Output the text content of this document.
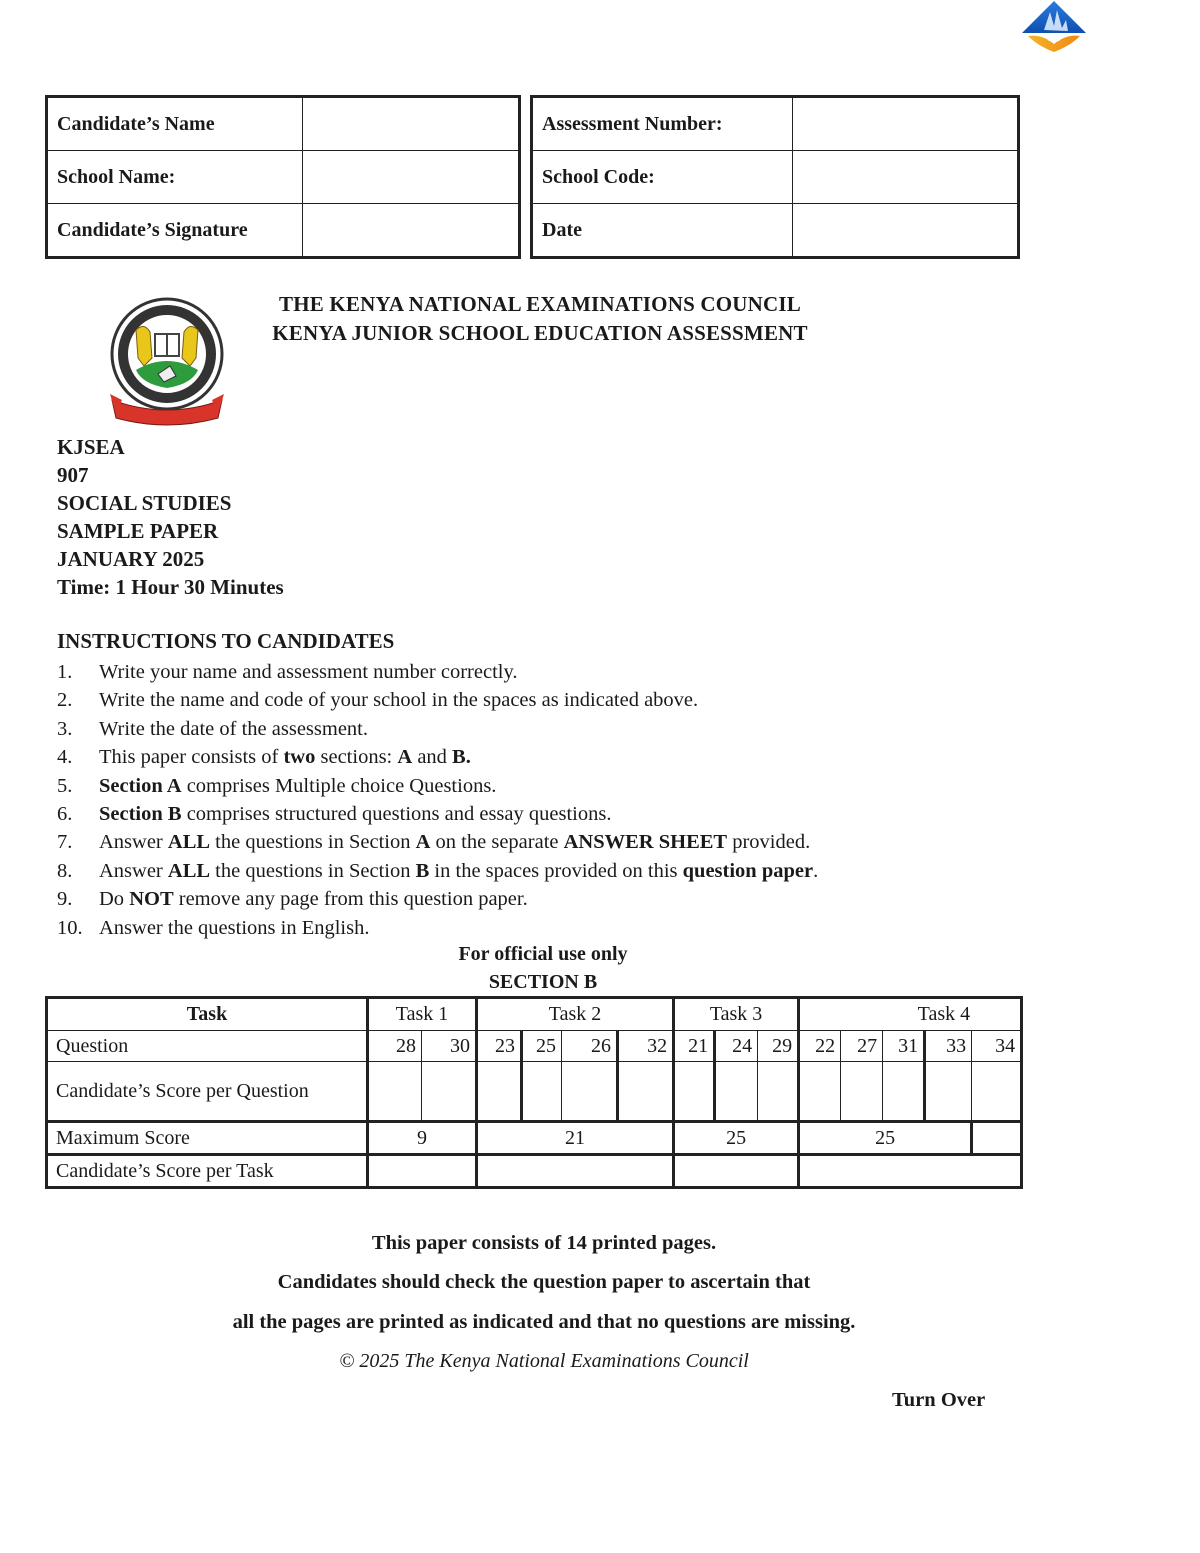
Candidate’s Name	
School Name:	
Candidate’s Signature	
Assessment Number:	
School Code:	
Date	
THE KENYA NATIONAL EXAMINATIONS COUNCIL
KENYA JUNIOR SCHOOL EDUCATION ASSESSMENT
KJSEA
907
SOCIAL STUDIES
SAMPLE PAPER
JANUARY 2025
Time: 1 Hour 30 Minutes
INSTRUCTIONS TO CANDIDATES
1.	Write your name and assessment number correctly.
2.	Write the name and code of your school in the spaces as indicated above.
3.	Write the date of the assessment.
4.	This paper consists of two sections: A and B.
5.	Section A comprises Multiple choice Questions.
6.	Section B comprises structured questions and essay questions.
7.	Answer ALL the questions in Section A on the separate ANSWER SHEET provided.
8.	Answer ALL the questions in Section B in the spaces provided on this question paper.
9.	Do NOT remove any page from this question paper.
10. Answer the questions in English.
For official use only
SECTION B
Task	Task 1		Task 2				Task 3			Task 4				
Question	28	30	23	25	26	32	21	24	29	22	27	31	33	34
Candidate’s Score per Question														
Maximum Score	9		21				25			25				
Candidate’s Score per Task														
This paper consists of 14 printed pages.
Candidates should check the question paper to ascertain that
all the pages are printed as indicated and that no questions are missing.
© 2025 The Kenya National Examinations Council
Turn Over
